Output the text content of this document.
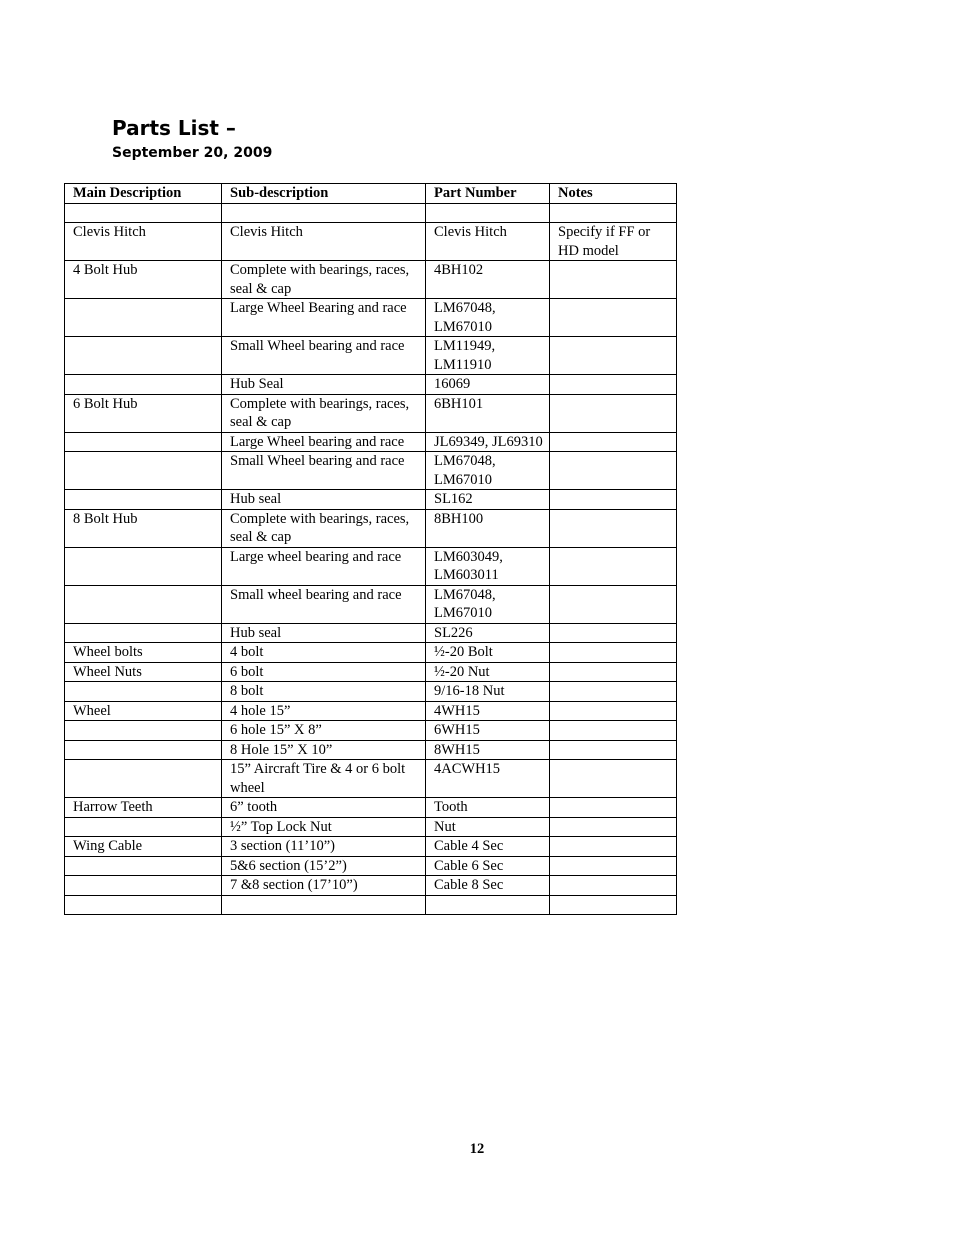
Parts List –
September 20, 2009
Main Description	Sub-description	Part Number	Notes

Clevis Hitch	Clevis Hitch	Clevis Hitch	Specify if FF or HD model
4 Bolt Hub	Complete with bearings, races, seal & cap	4BH102	
	Large Wheel Bearing and race	LM67048, LM67010	
	Small Wheel bearing and race	LM11949, LM11910	
	Hub Seal	16069	
6 Bolt Hub	Complete with bearings, races, seal & cap	6BH101	
	Large Wheel bearing and race	JL69349, JL69310	
	Small Wheel bearing and race	LM67048, LM67010	
	Hub seal	SL162	
8 Bolt Hub	Complete with bearings, races, seal & cap	8BH100	
	Large wheel bearing and race	LM603049, LM603011	
	Small wheel bearing and race	LM67048, LM67010	
	Hub seal	SL226	
Wheel bolts	4 bolt	½-20 Bolt	
Wheel Nuts	6 bolt	½-20 Nut	
	8 bolt	9/16-18 Nut	
Wheel	4 hole 15”	4WH15	
	6 hole 15” X 8”	6WH15	
	8 Hole 15” X 10”	8WH15	
	15” Aircraft Tire & 4 or 6 bolt wheel	4ACWH15	
Harrow Teeth	6” tooth	Tooth	
	½” Top Lock Nut	Nut	
Wing Cable	3 section (11’10”)	Cable 4 Sec	
	5&6 section (15’2”)	Cable 6 Sec	
	7 &8 section (17’10”)	Cable 8 Sec	

12
